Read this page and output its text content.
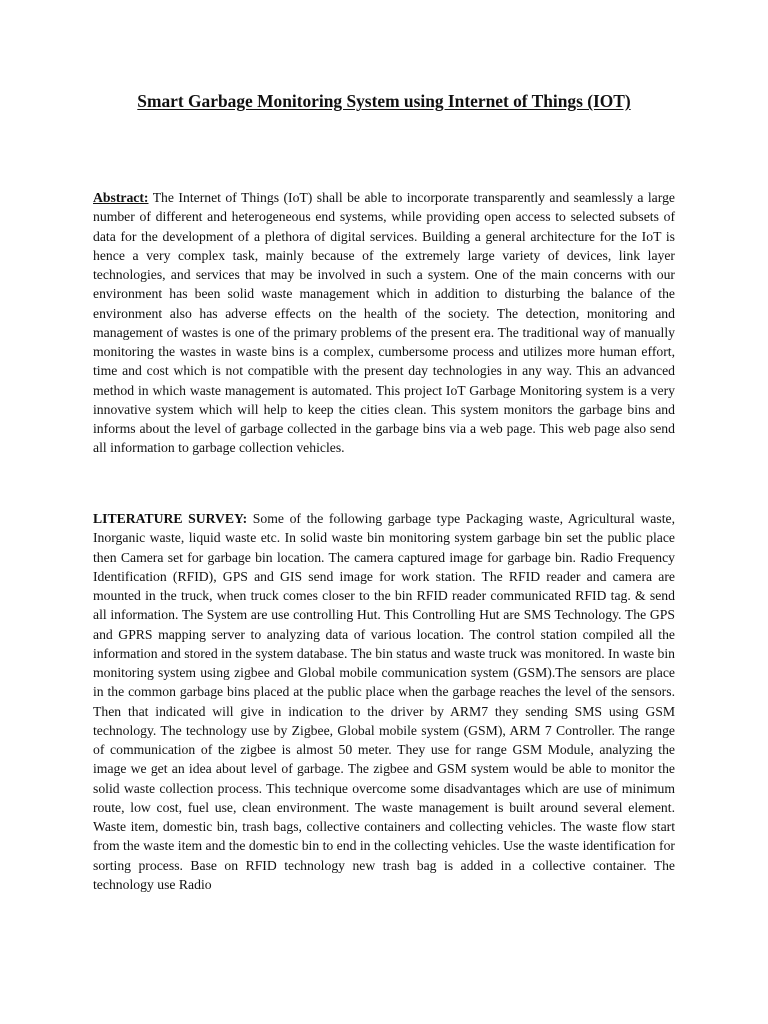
Smart Garbage Monitoring System using Internet of Things (IOT)

Abstract: The Internet of Things (IoT) shall be able to incorporate transparently and seamlessly a large number of different and heterogeneous end systems, while providing open access to selected subsets of data for the development of a plethora of digital services. Building a general architecture for the IoT is hence a very complex task, mainly because of the extremely large variety of devices, link layer technologies, and services that may be involved in such a system. One of the main concerns with our environment has been solid waste management which in addition to disturbing the balance of the environment also has adverse effects on the health of the society. The detection, monitoring and management of wastes is one of the primary problems of the present era. The traditional way of manually monitoring the wastes in waste bins is a complex, cumbersome process and utilizes more human effort, time and cost which is not compatible with the present day technologies in any way. This an advanced method in which waste management is automated. This project IoT Garbage Monitoring system is a very innovative system which will help to keep the cities clean. This system monitors the garbage bins and informs about the level of garbage collected in the garbage bins via a web page. This web page also send all information to garbage collection vehicles.

LITERATURE SURVEY: Some of the following garbage type Packaging waste, Agricultural waste, Inorganic waste, liquid waste etc. In solid waste bin monitoring system garbage bin set the public place then Camera set for garbage bin location. The camera captured image for garbage bin. Radio Frequency Identification (RFID), GPS and GIS send image for work station. The RFID reader and camera are mounted in the truck, when truck comes closer to the bin RFID reader communicated RFID tag. & send all information. The System are use controlling Hut. This Controlling Hut are SMS Technology. The GPS and GPRS mapping server to analyzing data of various location. The control station compiled all the information and stored in the system database. The bin status and waste truck was monitored. In waste bin monitoring system using zigbee and Global mobile communication system (GSM).The sensors are place in the common garbage bins placed at the public place when the garbage reaches the level of the sensors. Then that indicated will give in indication to the driver by ARM7 they sending SMS using GSM technology. The technology use by Zigbee, Global mobile system (GSM), ARM 7 Controller. The range of communication of the zigbee is almost 50 meter. They use for range GSM Module, analyzing the image we get an idea about level of garbage. The zigbee and GSM system would be able to monitor the solid waste collection process. This technique overcome some disadvantages which are use of minimum route, low cost, fuel use, clean environment. The waste management is built around several element. Waste item, domestic bin, trash bags, collective containers and collecting vehicles. The waste flow start from the waste item and the domestic bin to end in the collecting vehicles. Use the waste identification for sorting process. Base on RFID technology new trash bag is added in a collective container. The technology use Radio
